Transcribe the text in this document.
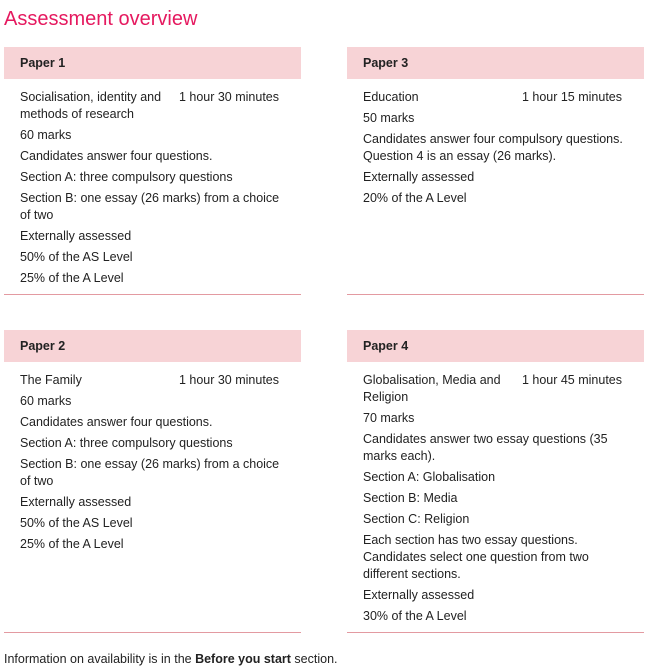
Assessment overview
Paper 1
Socialisation, identity and methods of research
1 hour 30 minutes
60 marks
Candidates answer four questions.
Section A: three compulsory questions
Section B: one essay (26 marks) from a choice of two
Externally assessed
50% of the AS Level
25% of the A Level
Paper 3
Education	1 hour 15 minutes
50 marks
Candidates answer four compulsory questions. Question 4 is an essay (26 marks).
Externally assessed
20% of the A Level
Paper 2
The Family	1 hour 30 minutes
60 marks
Candidates answer four questions.
Section A: three compulsory questions
Section B: one essay (26 marks) from a choice of two
Externally assessed
50% of the AS Level
25% of the A Level
Paper 4
Globalisation, Media and Religion
1 hour 45 minutes
70 marks
Candidates answer two essay questions (35 marks each).
Section A: Globalisation
Section B: Media
Section C: Religion
Each section has two essay questions. Candidates select one question from two different sections.
Externally assessed
30% of the A Level
Information on availability is in the Before you start section.
